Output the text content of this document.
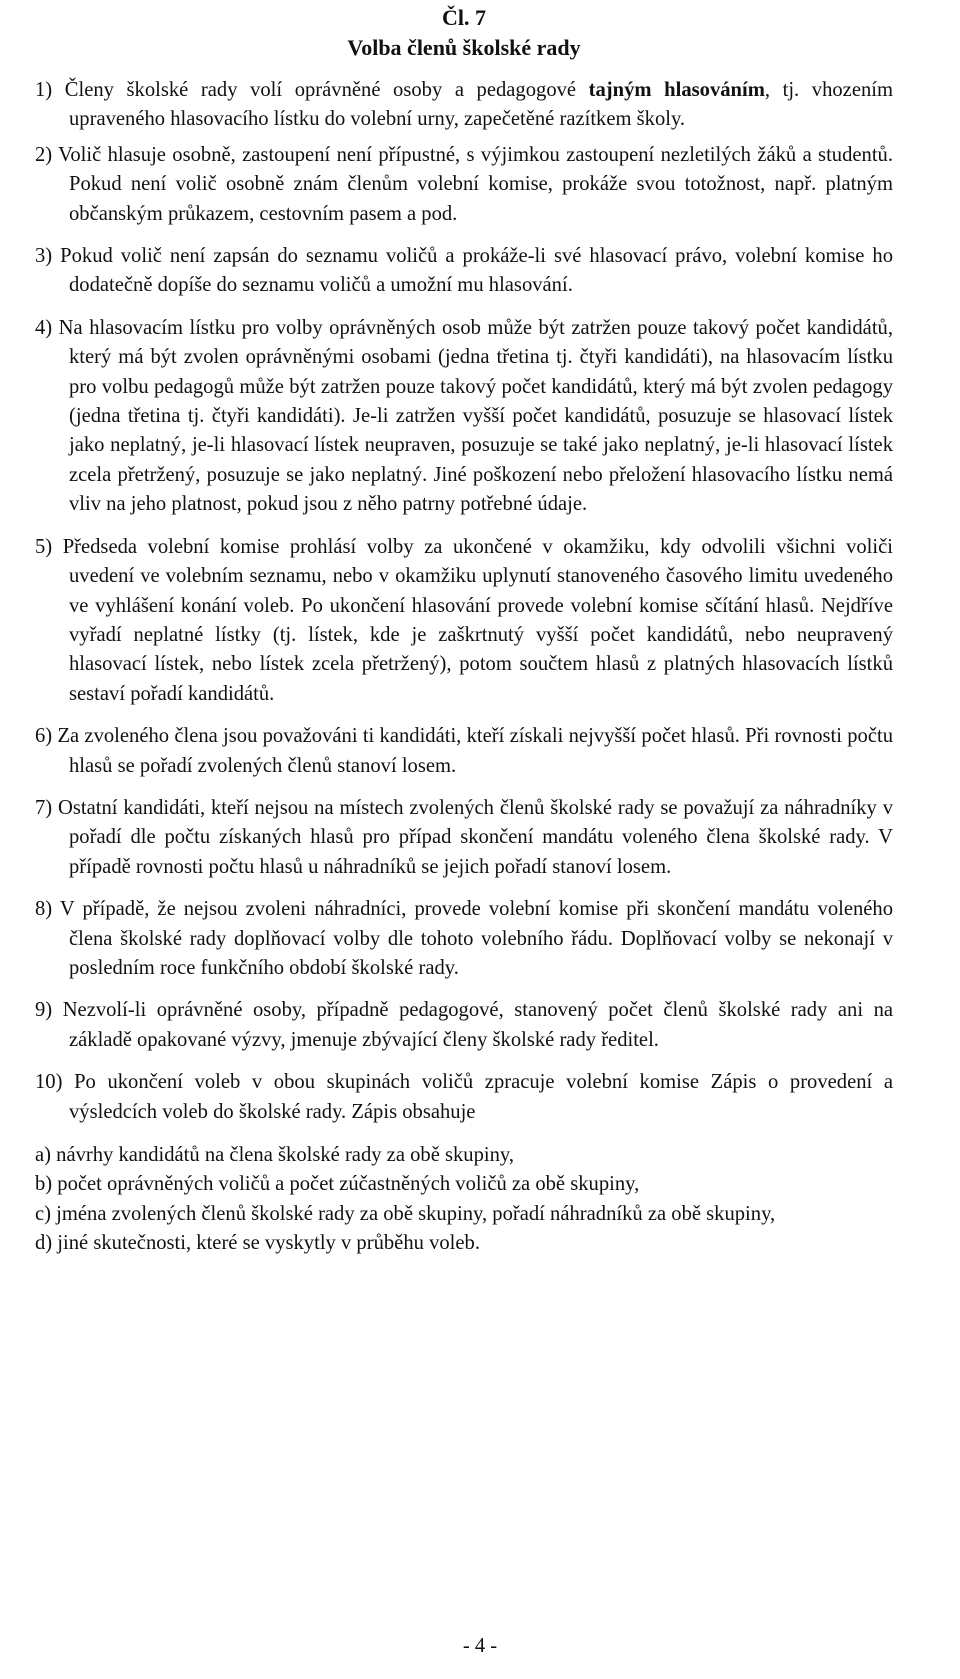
Čl. 7
Volba členů školské rady

1) Členy školské rady volí oprávněné osoby a pedagogové tajným hlasováním, tj. vhozením upraveného hlasovacího lístku do volební urny, zapečetěné razítkem školy.

2) Volič hlasuje osobně, zastoupení není přípustné, s výjimkou zastoupení nezletilých žáků a studentů. Pokud není volič osobně znám členům volební komise, prokáže svou totožnost, např. platným občanským průkazem, cestovním pasem a pod.

3) Pokud volič není zapsán do seznamu voličů a prokáže-li své hlasovací právo, volební komise ho dodatečně dopíše do seznamu voličů a umožní mu hlasování.

4) Na hlasovacím lístku pro volby oprávněných osob může být zatržen pouze takový počet kandidátů, který má být zvolen oprávněnými osobami (jedna třetina tj. čtyři kandidáti), na hlasovacím lístku pro volbu pedagogů může být zatržen pouze takový počet kandidátů, který má být zvolen pedagogy (jedna třetina tj. čtyři kandidáti). Je-li zatržen vyšší počet kandidátů, posuzuje se hlasovací lístek jako neplatný, je-li hlasovací lístek neupraven, posuzuje se také jako neplatný, je-li hlasovací lístek zcela přetržený, posuzuje se jako neplatný. Jiné poškození nebo přeložení hlasovacího lístku nemá vliv na jeho platnost, pokud jsou z něho patrny potřebné údaje.

5) Předseda volební komise prohlásí volby za ukončené v okamžiku, kdy odvolili všichni voliči uvedení ve volebním seznamu, nebo v okamžiku uplynutí stanoveného časového limitu uvedeného ve vyhlášení konání voleb. Po ukončení hlasování provede volební komise sčítání hlasů. Nejdříve vyřadí neplatné lístky (tj. lístek, kde je zaškrtnutý vyšší počet kandidátů, nebo neupravený hlasovací lístek, nebo lístek zcela přetržený), potom součtem hlasů z platných hlasovacích lístků sestaví pořadí kandidátů.

6) Za zvoleného člena jsou považováni ti kandidáti, kteří získali nejvyšší počet hlasů. Při rovnosti počtu hlasů se pořadí zvolených členů stanoví losem.

7) Ostatní kandidáti, kteří nejsou na místech zvolených členů školské rady se považují za náhradníky v pořadí dle počtu získaných hlasů pro případ skončení mandátu voleného člena školské rady. V případě rovnosti počtu hlasů u náhradníků se jejich pořadí stanoví losem.

8) V případě, že nejsou zvoleni náhradníci, provede volební komise při skončení mandátu voleného člena školské rady doplňovací volby dle tohoto volebního řádu. Doplňovací volby se nekonají v posledním roce funkčního období školské rady.

9) Nezvolí-li oprávněné osoby, případně pedagogové, stanovený počet členů školské rady ani na základě opakované výzvy, jmenuje zbývající členy školské rady ředitel.

10) Po ukončení voleb v obou skupinách voličů zpracuje volební komise Zápis o provedení a výsledcích voleb do školské rady. Zápis obsahuje

a) návrhy kandidátů na člena školské rady za obě skupiny,
b) počet oprávněných voličů a počet zúčastněných voličů za obě skupiny,
c) jména zvolených členů školské rady za obě skupiny, pořadí náhradníků za obě skupiny,
d) jiné skutečnosti, které se vyskytly v průběhu voleb.
- 4 -
